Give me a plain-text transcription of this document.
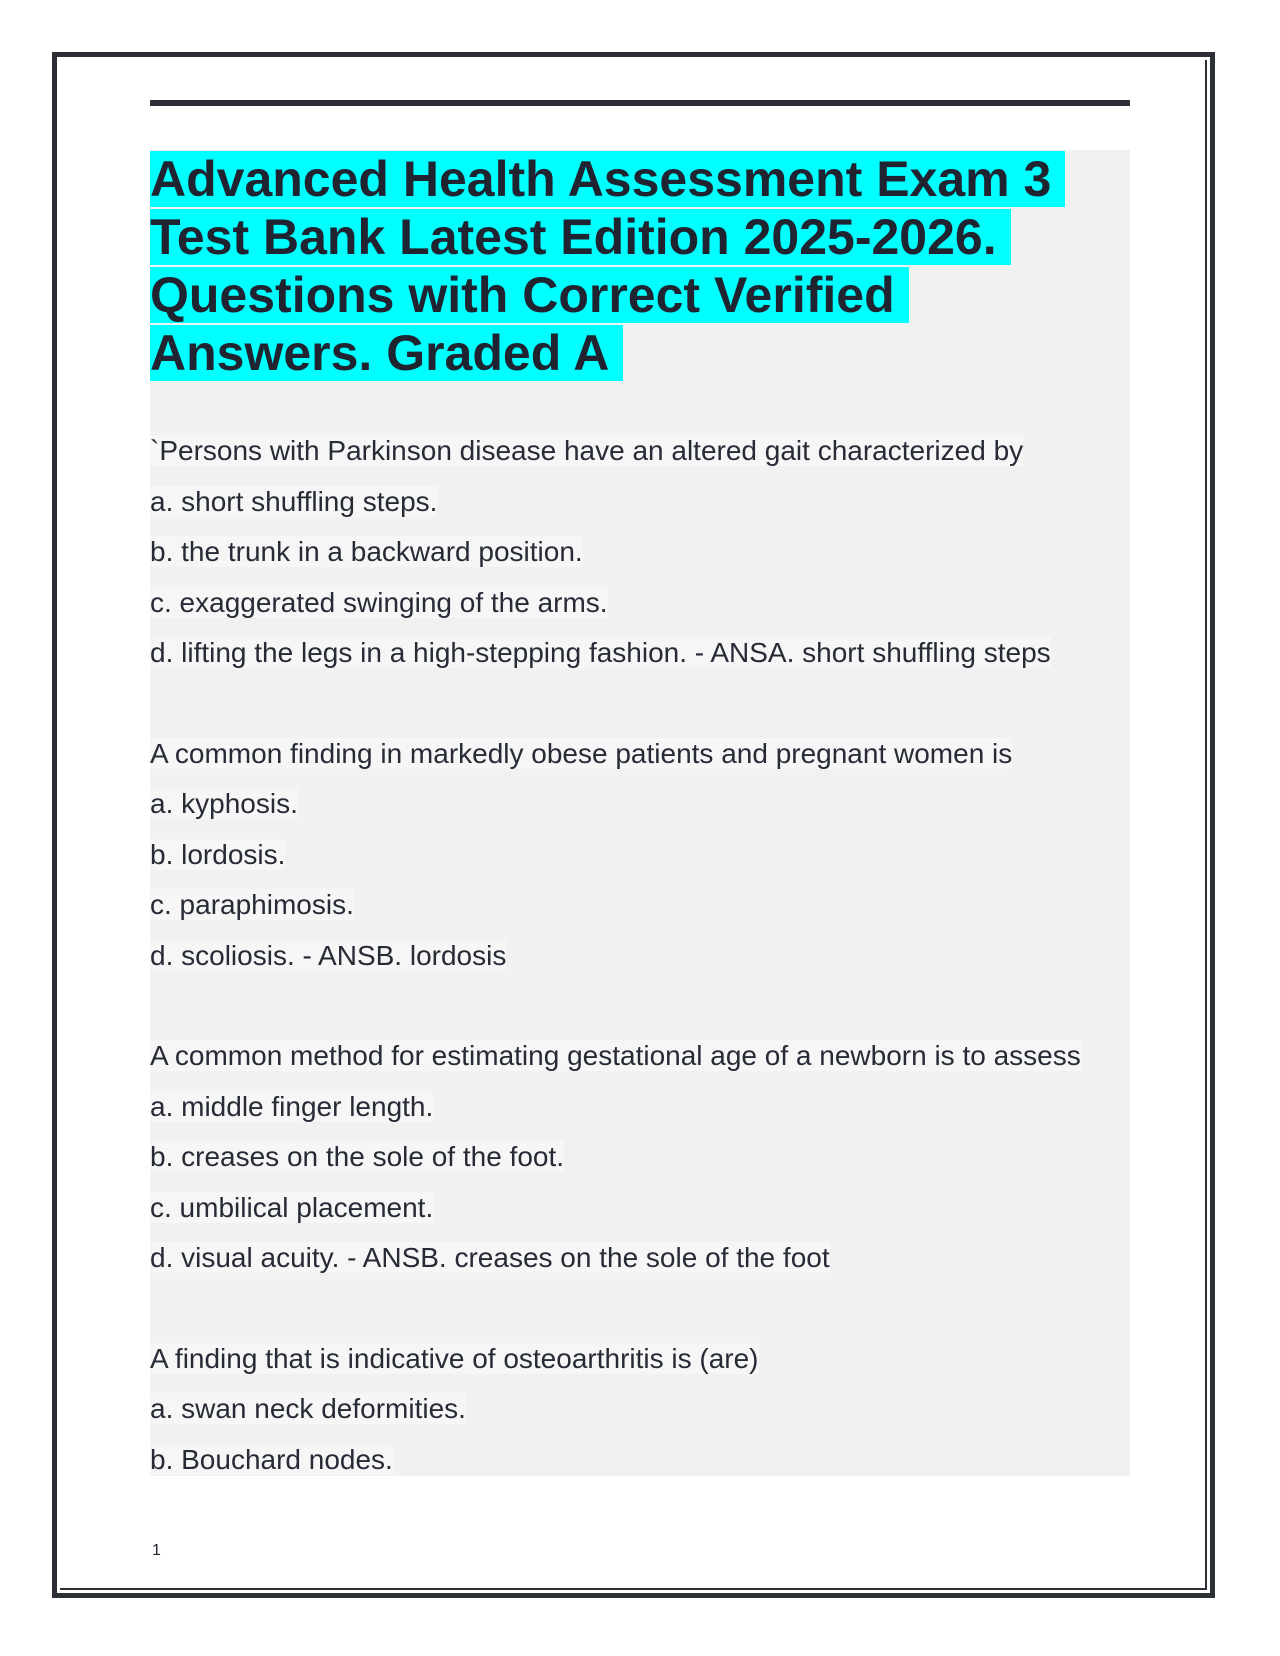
Advanced Health Assessment Exam 3
Test Bank Latest Edition 2025-2026.
Questions with Correct Verified
Answers. Graded A
`Persons with Parkinson disease have an altered gait characterized by
a. short shuffling steps.
b. the trunk in a backward position.
c. exaggerated swinging of the arms.
d. lifting the legs in a high-stepping fashion. - ANSA. short shuffling steps
A common finding in markedly obese patients and pregnant women is
a. kyphosis.
b. lordosis.
c. paraphimosis.
d. scoliosis. - ANSB. lordosis
A common method for estimating gestational age of a newborn is to assess
a. middle finger length.
b. creases on the sole of the foot.
c. umbilical placement.
d. visual acuity. - ANSB. creases on the sole of the foot
A finding that is indicative of osteoarthritis is (are)
a. swan neck deformities.
b. Bouchard nodes.
1
